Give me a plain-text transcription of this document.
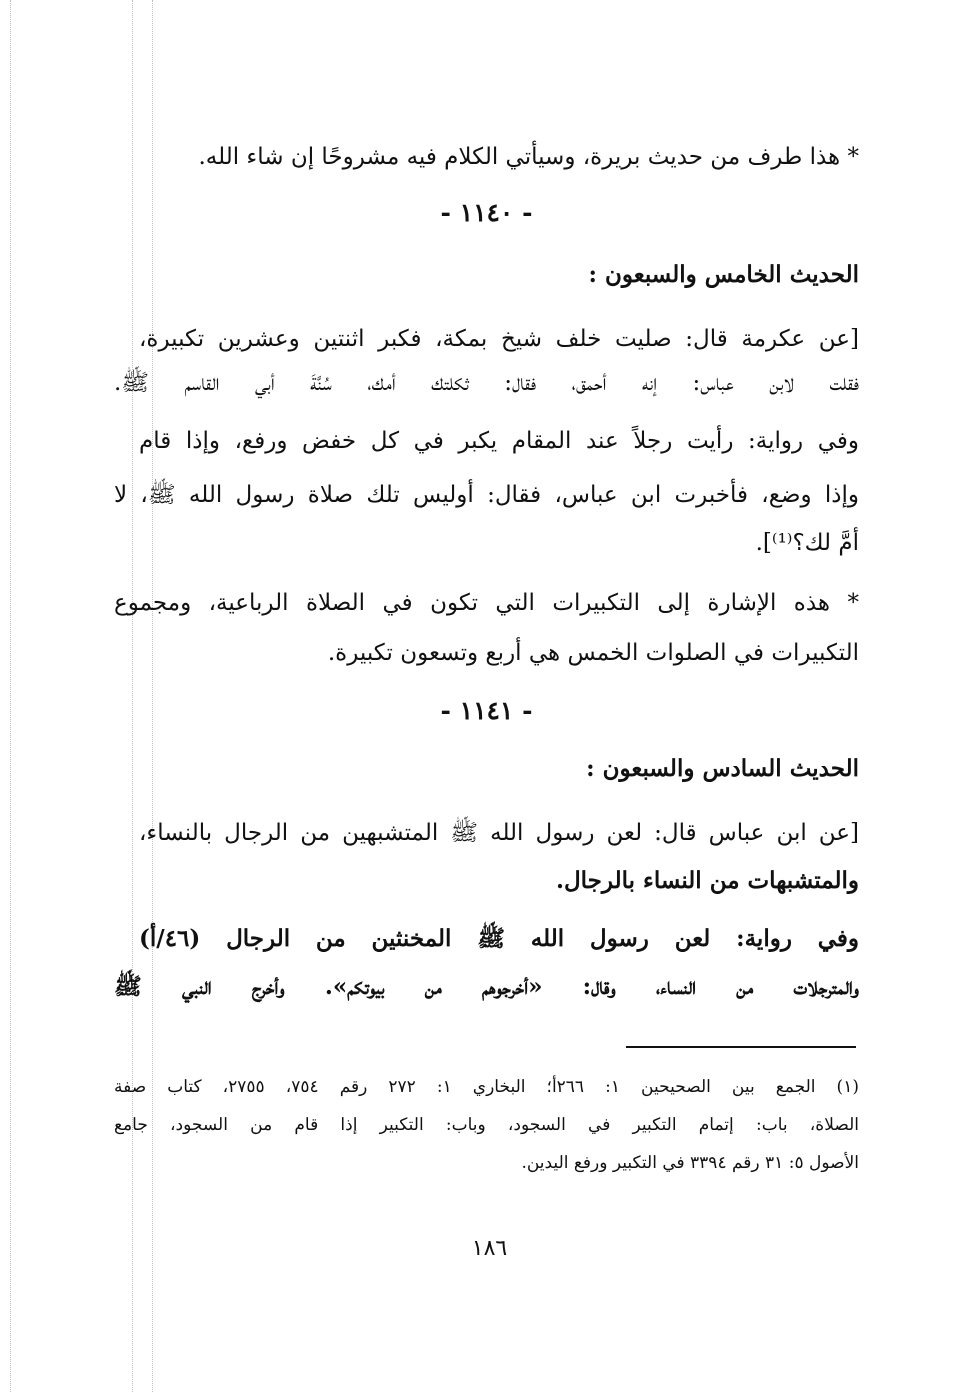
* هذا طرف من حديث بريرة، وسيأتي الكلام فيه مشروحًا إن شاء الله.
- ١١٤٠ -
الحديث الخامس والسبعون :
[عن عكرمة قال: صليت خلف شيخ بمكة، فكبر اثنتين وعشرين تكبيرة،
فقلت لابن عباس: إنه أحمق، فقال: ثكلتك أمك، سُنَّةَ أبي القاسم ﷺ.
وفي رواية: رأيت رجلاً عند المقام يكبر في كل خفض ورفع، وإذا قام
وإذا وضع، فأخبرت ابن عباس، فقال: أوليس تلك صلاة رسول الله ﷺ، لا
أمَّ لك؟⁽¹⁾].
* هذه الإشارة إلى التكبيرات التي تكون في الصلاة الرباعية، ومجموع
التكبيرات في الصلوات الخمس هي أربع وتسعون تكبيرة.
- ١١٤١ -
الحديث السادس والسبعون :
[عن ابن عباس قال: لعن رسول الله ﷺ المتشبهين من الرجال بالنساء،
والمتشبهات من النساء بالرجال.
وفي رواية: لعن رسول الله ﷺ المخنثين من الرجال (٤٦/أ)
والمترجلات من النساء، وقال: «أخرجوهم من بيوتكم». وأخرج النبي ﷺ
(١) الجمع بين الصحيحين ١: ٢٦٦أ؛ البخاري ١: ٢٧٢ رقم ٧٥٤، ٢٧٥٥، كتاب صفة
الصلاة، باب: إتمام التكبير في السجود، وباب: التكبير إذا قام من السجود، جامع
الأصول ٥: ٣١ رقم ٣٣٩٤ في التكبير ورفع اليدين.
١٨٦
